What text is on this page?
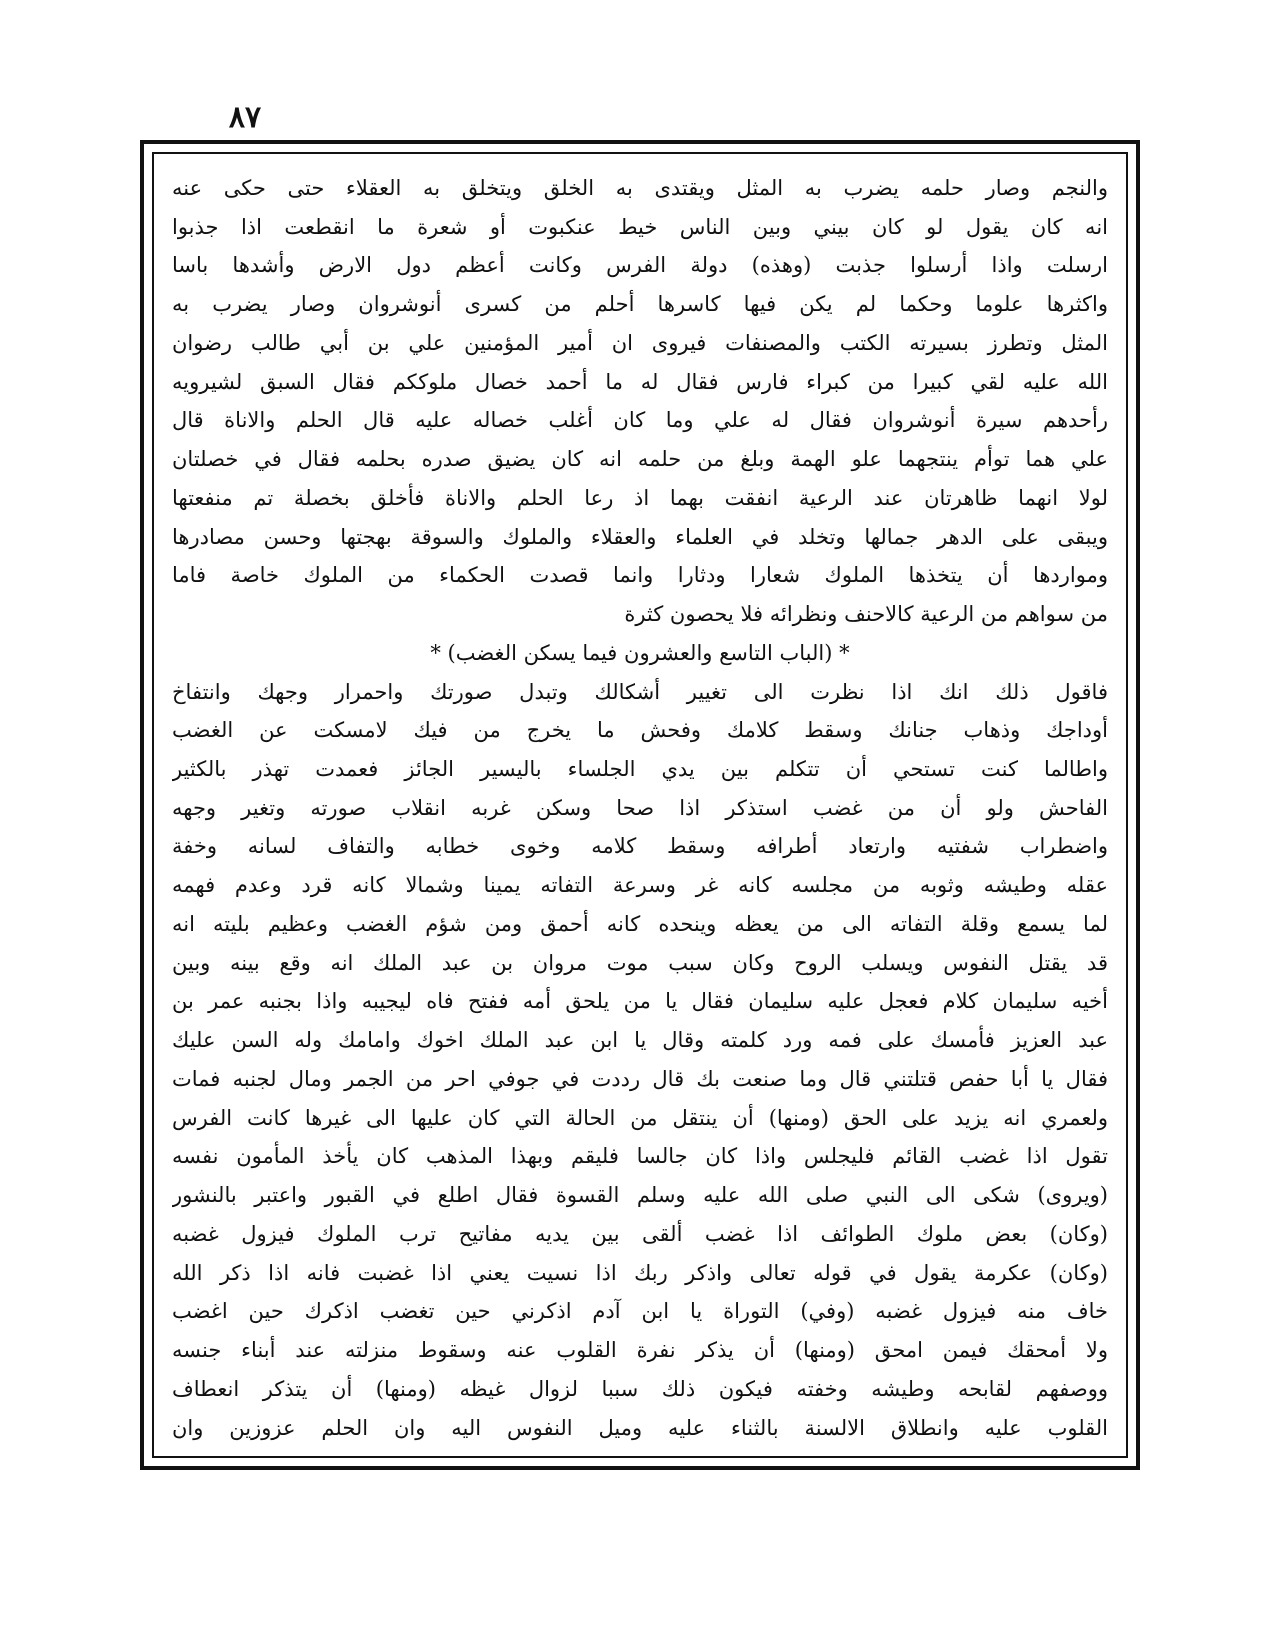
٨٧
والنجم وصار حلمه يضرب به المثل ويقتدى به الخلق ويتخلق به العقلاء حتى حكى عنه
انه كان يقول لو كان بيني وبين الناس خيط عنكبوت أو شعرة ما انقطعت اذا جذبوا
ارسلت واذا أرسلوا جذبت (وهذه) دولة الفرس وكانت أعظم دول الارض وأشدها باسا
واكثرها علوما وحكما لم يكن فيها كاسرها أحلم من كسرى أنوشروان وصار يضرب به
المثل وتطرز بسيرته الكتب والمصنفات فيروى ان أمير المؤمنين علي بن أبي طالب رضوان
الله عليه لقي كبيرا من كبراء فارس فقال له ما أحمد خصال ملوككم فقال السبق لشيرويه
رأحدهم سيرة أنوشروان فقال له علي وما كان أغلب خصاله عليه قال الحلم والاناة قال
علي هما توأم ينتجهما علو الهمة وبلغ من حلمه انه كان يضيق صدره بحلمه فقال في خصلتان
لولا انهما ظاهرتان عند الرعية انفقت بهما اذ رعا الحلم والاناة فأخلق بخصلة تم منفعتها
ويبقى على الدهر جمالها وتخلد في العلماء والعقلاء والملوك والسوقة بهجتها وحسن مصادرها
ومواردها أن يتخذها الملوك شعارا ودثارا وانما قصدت الحكماء من الملوك خاصة فاما
من سواهم من الرعية كالاحنف ونظرائه فلا يحصون كثرة
* (الباب التاسع والعشرون فيما يسكن الغضب) *
فاقول ذلك انك اذا نظرت الى تغيير أشكالك وتبدل صورتك واحمرار وجهك وانتفاخ
أوداجك وذهاب جنانك وسقط كلامك وفحش ما يخرج من فيك لامسكت عن الغضب
واطالما كنت تستحي أن تتكلم بين يدي الجلساء باليسير الجائز فعمدت تهذر بالكثير
الفاحش ولو أن من غضب استذكر اذا صحا وسكن غربه انقلاب صورته وتغير وجهه
واضطراب شفتيه وارتعاد أطرافه وسقط كلامه وخوى خطابه والتفاف لسانه وخفة
عقله وطيشه وثوبه من مجلسه كانه غر وسرعة التفاته يمينا وشمالا كانه قرد وعدم فهمه
لما يسمع وقلة التفاته الى من يعظه وينحده كانه أحمق ومن شؤم الغضب وعظيم بليته انه
قد يقتل النفوس ويسلب الروح وكان سبب موت مروان بن عبد الملك انه وقع بينه وبين
أخيه سليمان كلام فعجل عليه سليمان فقال يا من يلحق أمه ففتح فاه ليجيبه واذا بجنبه عمر بن
عبد العزيز فأمسك على فمه ورد كلمته وقال يا ابن عبد الملك اخوك وامامك وله السن عليك
فقال يا أبا حفص قتلتني قال وما صنعت بك قال رددت في جوفي احر من الجمر ومال لجنبه فمات
ولعمري انه يزيد على الحق (ومنها) أن ينتقل من الحالة التي كان عليها الى غيرها كانت الفرس
تقول اذا غضب القائم فليجلس واذا كان جالسا فليقم وبهذا المذهب كان يأخذ المأمون نفسه
(ويروى) شكى الى النبي صلى الله عليه وسلم القسوة فقال اطلع في القبور واعتبر بالنشور
(وكان) بعض ملوك الطوائف اذا غضب ألقى بين يديه مفاتيح ترب الملوك فيزول غضبه
(وكان) عكرمة يقول في قوله تعالى واذكر ربك اذا نسيت يعني اذا غضبت فانه اذا ذكر الله
خاف منه فيزول غضبه (وفي) التوراة يا ابن آدم اذكرني حين تغضب اذكرك حين اغضب
ولا أمحقك فيمن امحق (ومنها) أن يذكر نفرة القلوب عنه وسقوط منزلته عند أبناء جنسه
ووصفهم لقابحه وطيشه وخفته فيكون ذلك سببا لزوال غيظه (ومنها) أن يتذكر انعطاف
القلوب عليه وانطلاق الالسنة بالثناء عليه وميل النفوس اليه وان الحلم عزوزين وان
